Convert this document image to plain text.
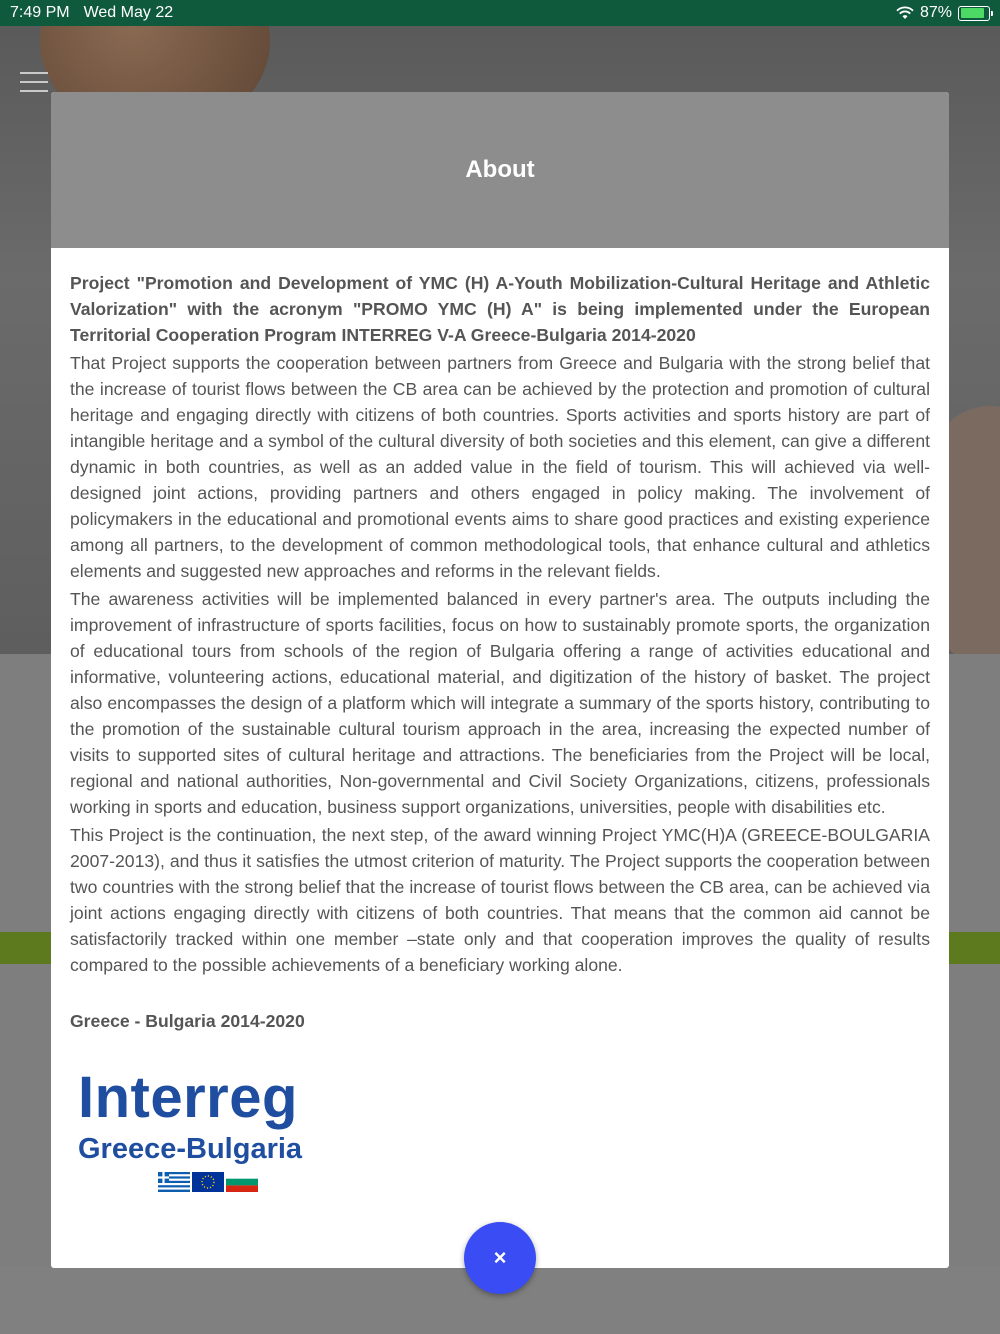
7:49 PM Wed May 22	87%
About

Project "Promotion and Development of YMC (H) A-Youth Mobilization-Cultural Heritage and Athletic Valorization" with the acronym "PROMO YMC (H) A" is being implemented under the European Territorial Cooperation Program INTERREG V-A Greece-Bulgaria 2014-2020

That Project supports the cooperation between partners from Greece and Bulgaria with the strong belief that the increase of tourist flows between the CB area can be achieved by the protection and promotion of cultural heritage and engaging directly with citizens of both countries. Sports activities and sports history are part of intangible heritage and a symbol of the cultural diversity of both societies and this element, can give a different dynamic in both countries, as well as an added value in the field of tourism. This will achieved via well-designed joint actions, providing partners and others engaged in policy making. The involvement of policymakers in the educational and promotional events aims to share good practices and existing experience among all partners, to the development of common methodological tools, that enhance cultural and athletics elements and suggested new approaches and reforms in the relevant fields.

The awareness activities will be implemented balanced in every partner's area. The outputs including the improvement of infrastructure of sports facilities, focus on how to sustainably promote sports, the organization of educational tours from schools of the region of Bulgaria offering a range of activities educational and informative, volunteering actions, educational material, and digitization of the history of basket. The project also encompasses the design of a platform which will integrate a summary of the sports history, contributing to the promotion of the sustainable cultural tourism approach in the area, increasing the expected number of visits to supported sites of cultural heritage and attractions. The beneficiaries from the Project will be local, regional and national authorities, Non-governmental and Civil Society Organizations, citizens, professionals working in sports and education, business support organizations, universities, people with disabilities etc.

This Project is the continuation, the next step, of the award winning Project YMC(H)A (GREECE-BOULGARIA 2007-2013), and thus it satisfies the utmost criterion of maturity. The Project supports the cooperation between two countries with the strong belief that the increase of tourist flows between the CB area, can be achieved via joint actions engaging directly with citizens of both countries. That means that the common aid cannot be satisfactorily tracked within one member –state only and that cooperation improves the quality of results compared to the possible achievements of a beneficiary working alone.

Greece - Bulgaria 2014-2020

Interreg
Greece-Bulgaria
×
